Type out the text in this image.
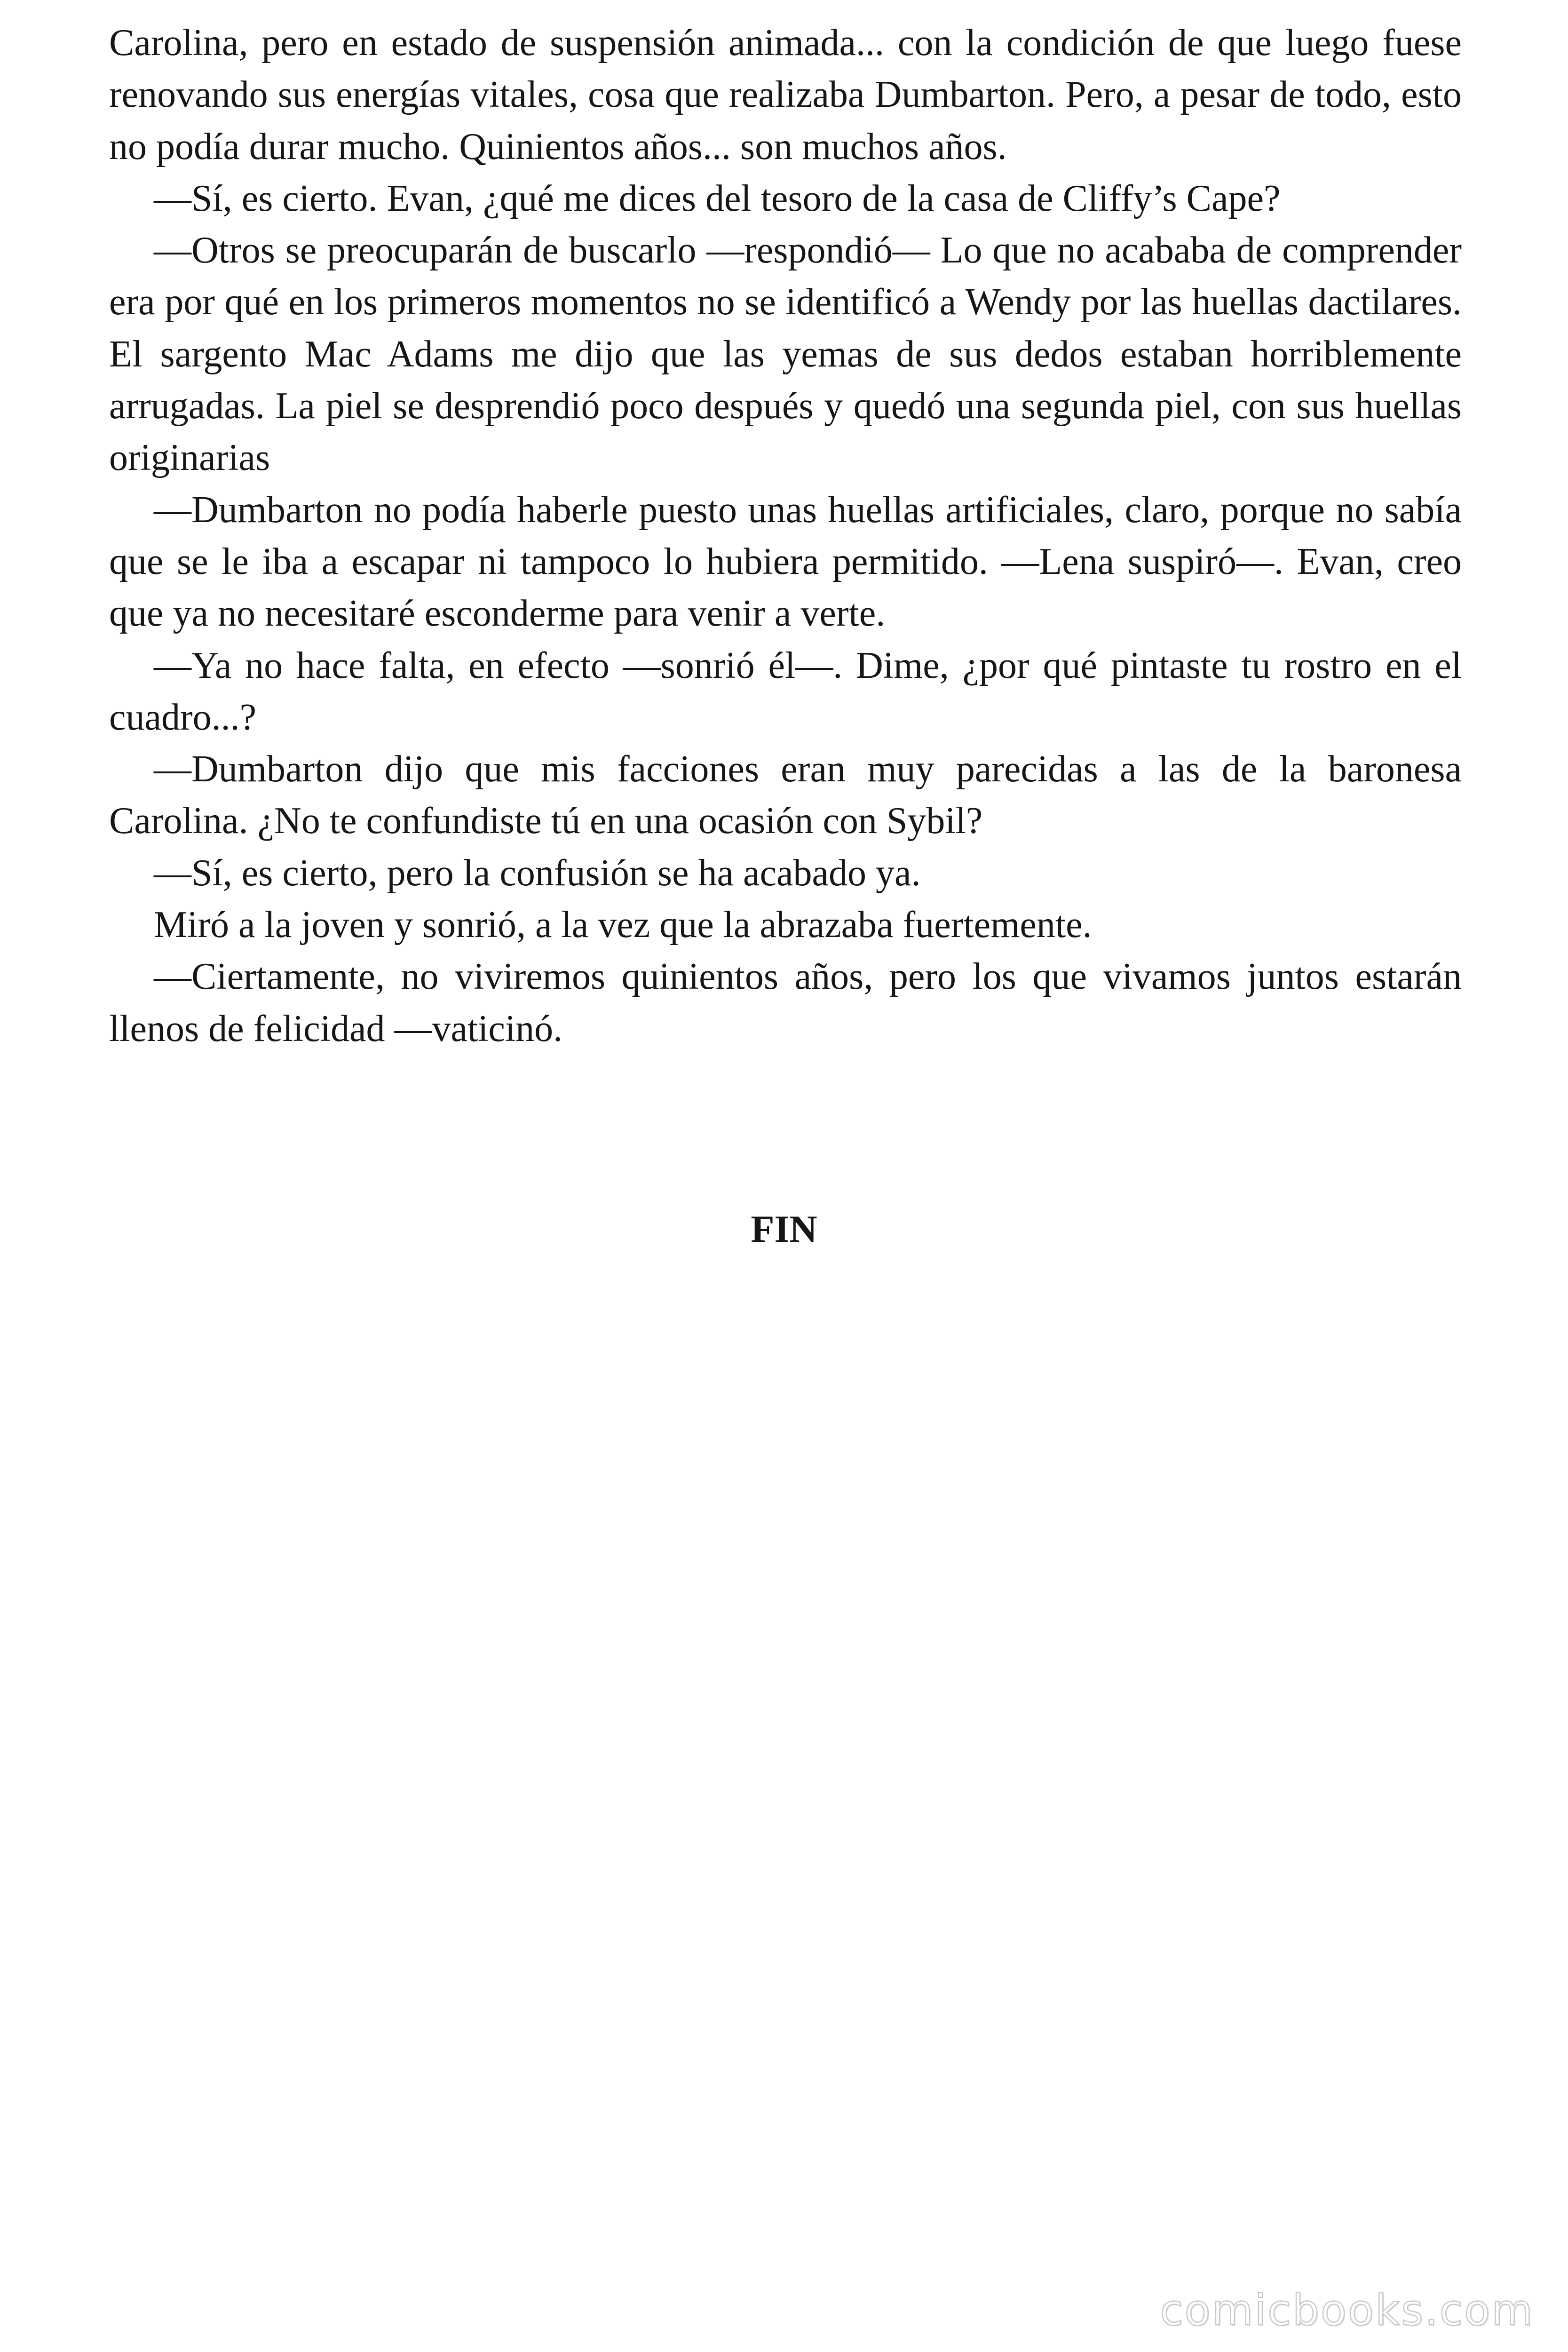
Carolina, pero en estado de suspensión animada... con la condición de que luego fuese renovando sus energías vitales, cosa que realizaba Dumbarton. Pero, a pesar de todo, esto no podía durar mucho. Quinientos años... son muchos años.

—Sí, es cierto. Evan, ¿qué me dices del tesoro de la casa de Cliffy’s Cape?

—Otros se preocuparán de buscarlo —respondió— Lo que no acababa de comprender era por qué en los primeros momentos no se identificó a Wendy por las huellas dactilares. El sargento Mac Adams me dijo que las yemas de sus dedos estaban horriblemente arrugadas. La piel se desprendió poco después y quedó una segunda piel, con sus huellas originarias

—Dumbarton no podía haberle puesto unas huellas artificiales, claro, porque no sabía que se le iba a escapar ni tampoco lo hubiera permitido. —Lena suspiró—. Evan, creo que ya no necesitaré esconderme para venir a verte.

—Ya no hace falta, en efecto —sonrió él—. Dime, ¿por qué pintaste tu rostro en el cuadro...?

—Dumbarton dijo que mis facciones eran muy parecidas a las de la baronesa Carolina. ¿No te confundiste tú en una ocasión con Sybil?

—Sí, es cierto, pero la confusión se ha acabado ya.

Miró a la joven y sonrió, a la vez que la abrazaba fuertemente.

—Ciertamente, no viviremos quinientos años, pero los que vivamos juntos estarán llenos de felicidad —vaticinó.

FIN

comicbooks.com
